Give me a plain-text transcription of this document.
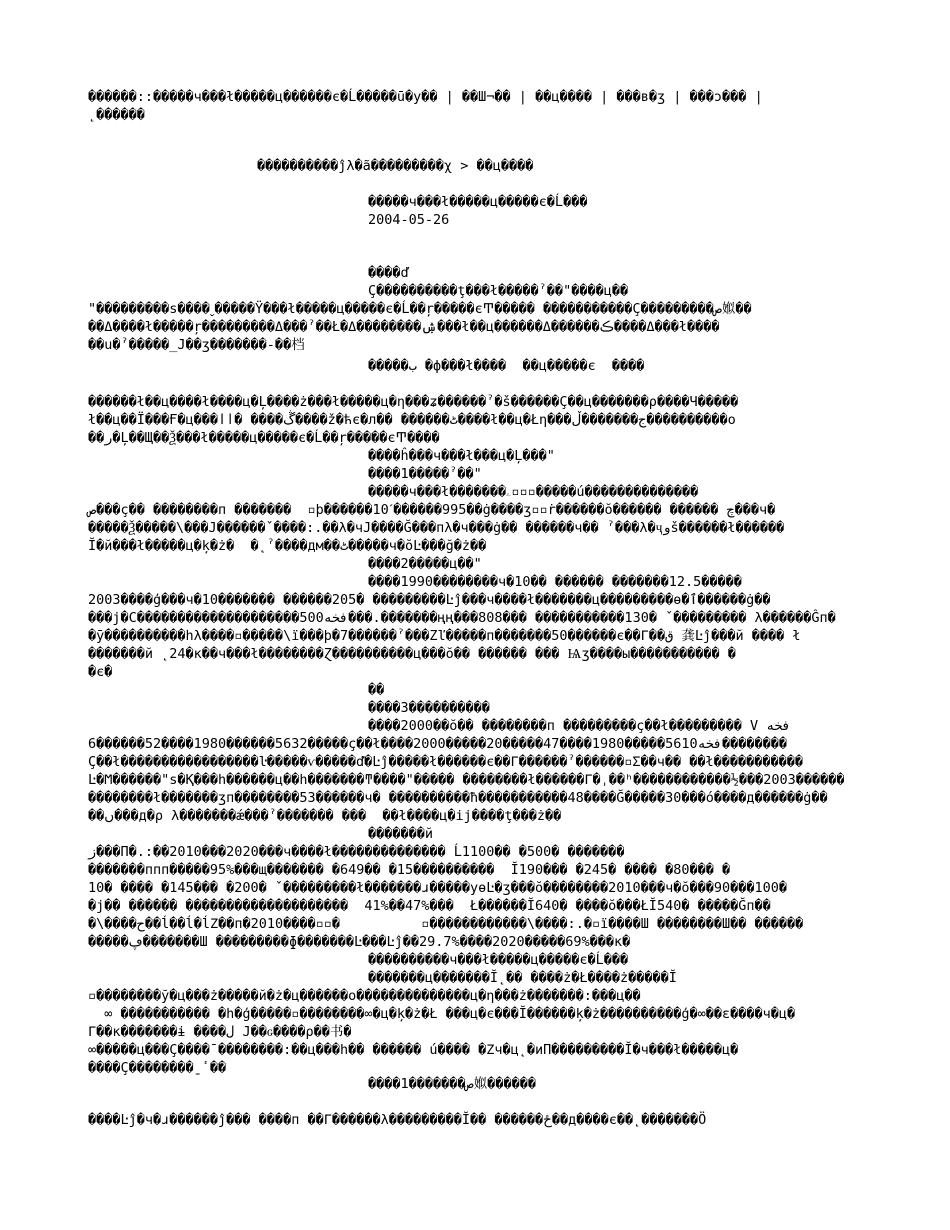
������::�����ч���ł�����ц������є�Ĺ�����ū�у�� | ��Ш¬�� | ��ц���� | ���в�ʒ | ���ɔ��� |
˛������
����������ĵλ�ã���������χ > ��ц����
�����ч���ł�����ц�����є�Ĺ���
2004-05-26
����ď
Ç����������ţ���ł�����ˀ��"����ц��
"���������ѕ����ˬ�����Ÿ���ł�����ц�����є�Ĺ��ŗ�����єͲ����� �����������Ҫ���������ص娰��
��Δ����ł�����ŗ���������Δ���ˀ��Ł�Δ��������ۺ���ł��ц������Δ������ڪ����Δ���ł����
��ս�ˀ�����_J��ʒ�������-��档
�����ب �ф���ł����  ��ц�����є  ����
������ł��ц����ł����ц�Ļ����ż���ł�����ц�η���ʑ������ˀ�š������Ç��ц�������ρ����Ч�����
ł��ц��Ї���Ғ�ц���ڴ���� �اا����ž�ћє�л�� ������ٹ����ł��ц�Łη���ج�������ڵ����������о
��ر�Ļ��Щ��Ѯ���ł�����ц�����є�Ĺ��ŗ�����єͲ����
����ĥ���ч���ł���ц�Ļ���"
����1�����ˀ��"
�����ч���ł�������ۦ▫▫▫�����ú��������������
ص���ç�� ��������п �������  ▫þ������10ˊ������995��ġ����ʒ▫▫ṙ������ŏ������ ������ چ���ч�
�����Ѯ�����\���J������ˇ����:.��λ�чJ����Ğ���пλ�ч���ġ�� ������ч�� ˀ���λ�ҷوš������ł������
Ĭ�й���ł�����ц�ķ�ż�  �˛ˀ����дм��ٹ�����ч�ŏĿ���ğ�ż��
����2�����ц��"
����1990��������ч�10�� ������ �������12.5�����
2003����ģ���ч�10������� ������205� ���������Ŀĵ���ч����ł�������ц���������ө�ٱ������ġ��
���ј�C��������������������500فخه���.�������ңң���808��� �����������130� ˇ��������� λ������Ĝп�
�ӯ����������һλ����▫�����\ї���ϸ�7������ˀ���Zľ�����п�������50������є��Γ��ق 龚Ŀĵ���й ���� ł
�������й ˛24�к��ч���ł��������Ɀ����������ц���ŏ�� ������ ��� Ѩʒ����ы����������� �
�є�
��
����3����������
����2000��ŏ�� ��������п ���������ç��ł��������� V فخه
6������52����1980������5632�����ç��ł����2000�����20�����47����1980�����5610فخه��������
Ç��ł�����������������ŀ�����ѵ�����ď�Ŀĵ�����ł������є��Γ������ˀ������▫Σ��ч�� ��ł�����������
Ŀ�Ϻ������"ѕ�Қ���һ������ц��һ�������ͳ����"����� ��������ł������Γ�ˌ��ʰ������������½���2003������
��������ł�������ʒп��������53������ч� ����������ħ�����������48����Ğ�����30���ó����д������ġ��
��ں���д�ρ λ�������ǽ���ˀ������� ���  ��ł����ц�ij����ţ���ż��
�������й
ز���П�.:��2010���2020���ч����ł�������������� Ĺ1100�� �500� �������
�������ппп�����95%���щ������� �649�� �15����������  Ĭ190��� �245� ���� �80��� �
10� ���� �145��� �200� ˇ���������ł�������ɹ�����уөĿ�ʒ���ŏ��������2010���ч�ŏ���90���100�
�ј�� ������ ��������������������  41%��47%���  Ł������Ĭ640� ����ŏ���ŁĬ540� �����Ğп��
�\����ح��ĺ��ĺ�ĺΖ��п�2010����▫▫�          ▫������������\����:.�▫ї����Ш ��������Ш�� ������
�����ڥ�������Ш ���������ɸ�������Ŀ���Ŀĵ��29.7%����2020�����69%���к�
����������ч���ł�����ц�����є�Ĺ���
�������ц�������Ĭ˛�� ����ż�Ł����ż�����Ĭ
▫��������ў�ц���ż�����й�ż�ц������о��������������ц�η���ż�������:���ц��
∞ ����������� �һ�ģ�����▫��������∞�ц�ķ�ż�Ł ���ц�є���Ĭ������ķ�ż����������ģ�∞��ε����ч�ц�
Γ��к�������ɨ ����ل J��ԍ����ρ��书�
∞�����ц���Ç����ˉ��������:��ц���һ�� ������ ú���� �Ζч�ц˛�иП���������Ĭ�ч���ł�����ц�
����Ç��������ˍ ٔ��
����1�������ص娰������
����Ŀĵ�ч�ɹ������ĵ��� ����п ��Γ������λ���������Ĭ�� ������ځ��д����є��˛�������Ö
